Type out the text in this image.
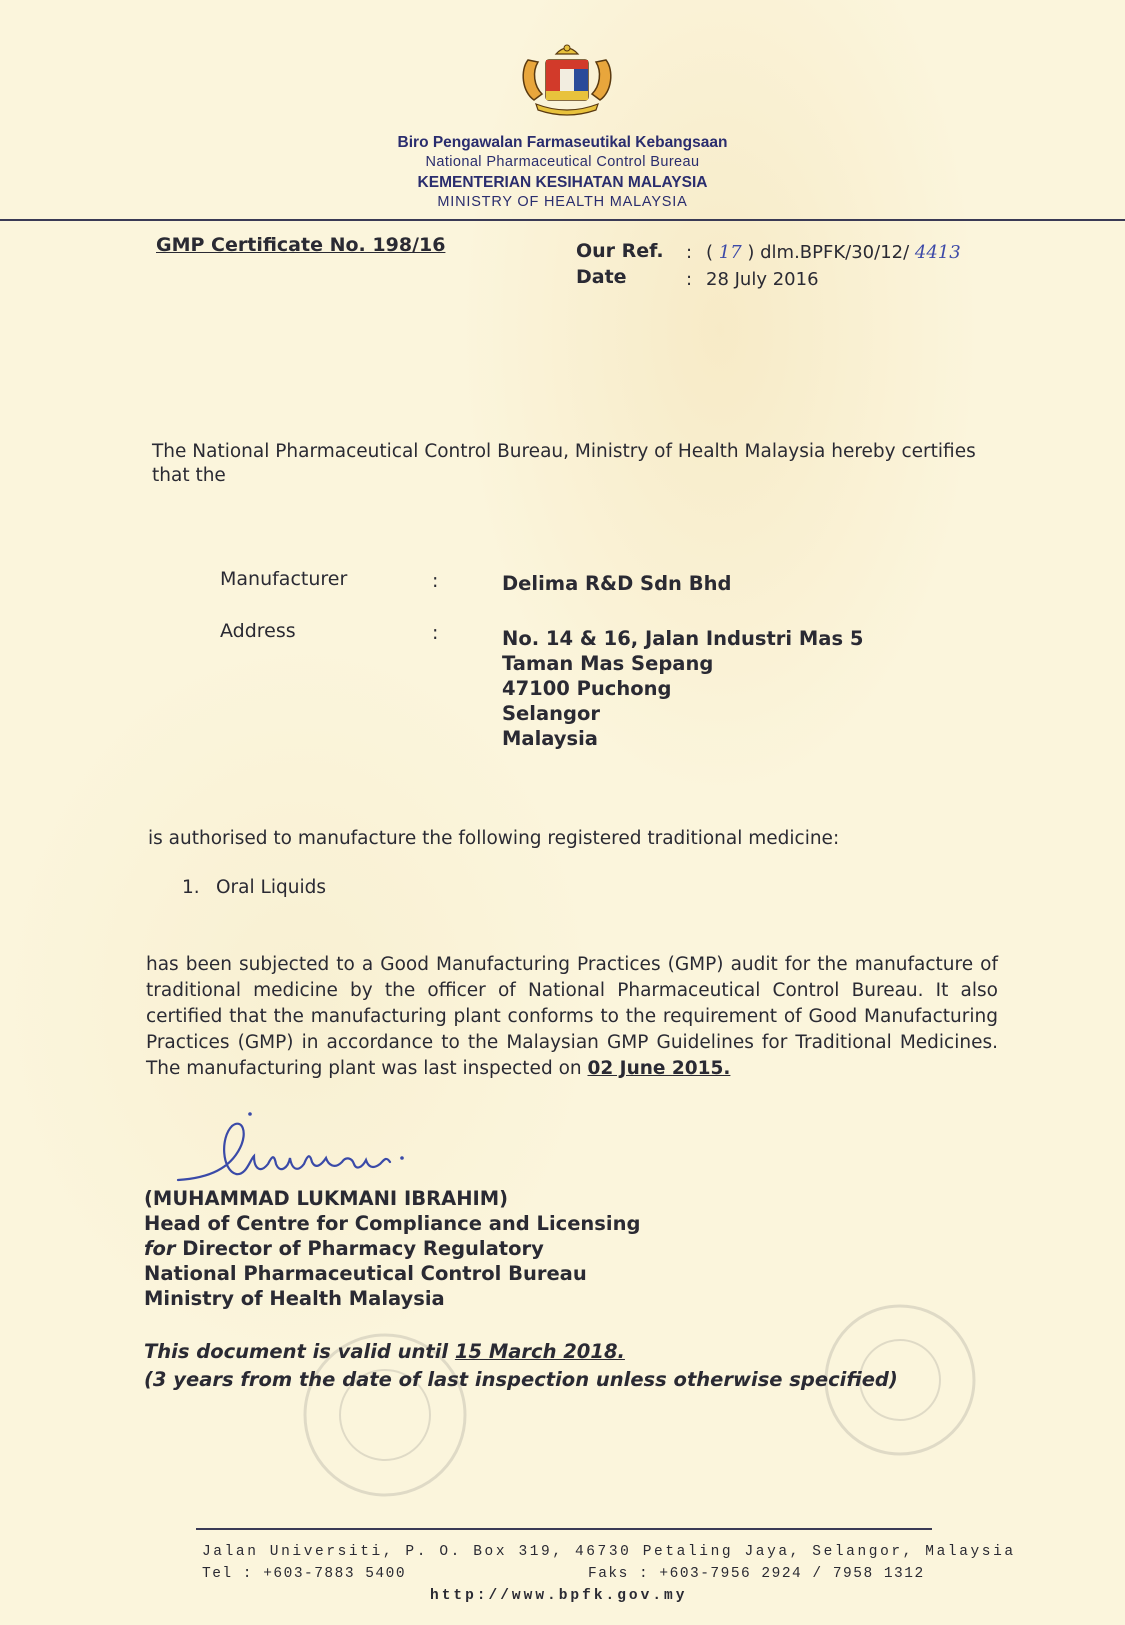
Biro Pengawalan Farmaseutikal Kebangsaan
National Pharmaceutical Control Bureau
KEMENTERIAN KESIHATAN MALAYSIA
MINISTRY OF HEALTH MALAYSIA
GMP Certificate No. 198/16	Our Ref. : ( 17 ) dlm.BPFK/30/12/ 4413
Date	: 28 July 2016
The National Pharmaceutical Control Bureau, Ministry of Health Malaysia hereby certifies that the
Manufacturer	:	Delima R&D Sdn Bhd
Address	:	No. 14 & 16, Jalan Industri Mas 5
Taman Mas Sepang
47100 Puchong
Selangor
Malaysia
is authorised to manufacture the following registered traditional medicine:
1. Oral Liquids
has been subjected to a Good Manufacturing Practices (GMP) audit for the manufacture of traditional medicine by the officer of National Pharmaceutical Control Bureau. It also certified that the manufacturing plant conforms to the requirement of Good Manufacturing Practices (GMP) in accordance to the Malaysian GMP Guidelines for Traditional Medicines. The manufacturing plant was last inspected on 02 June 2015.
(MUHAMMAD LUKMANI IBRAHIM)
Head of Centre for Compliance and Licensing
for Director of Pharmacy Regulatory
National Pharmaceutical Control Bureau
Ministry of Health Malaysia
This document is valid until 15 March 2018.
(3 years from the date of last inspection unless otherwise specified)
Jalan Universiti, P. O. Box 319, 46730 Petaling Jaya, Selangor, Malaysia
Tel : +603-7883 5400	Faks : +603-7956 2924 / 7958 1312
http://www.bpfk.gov.my
